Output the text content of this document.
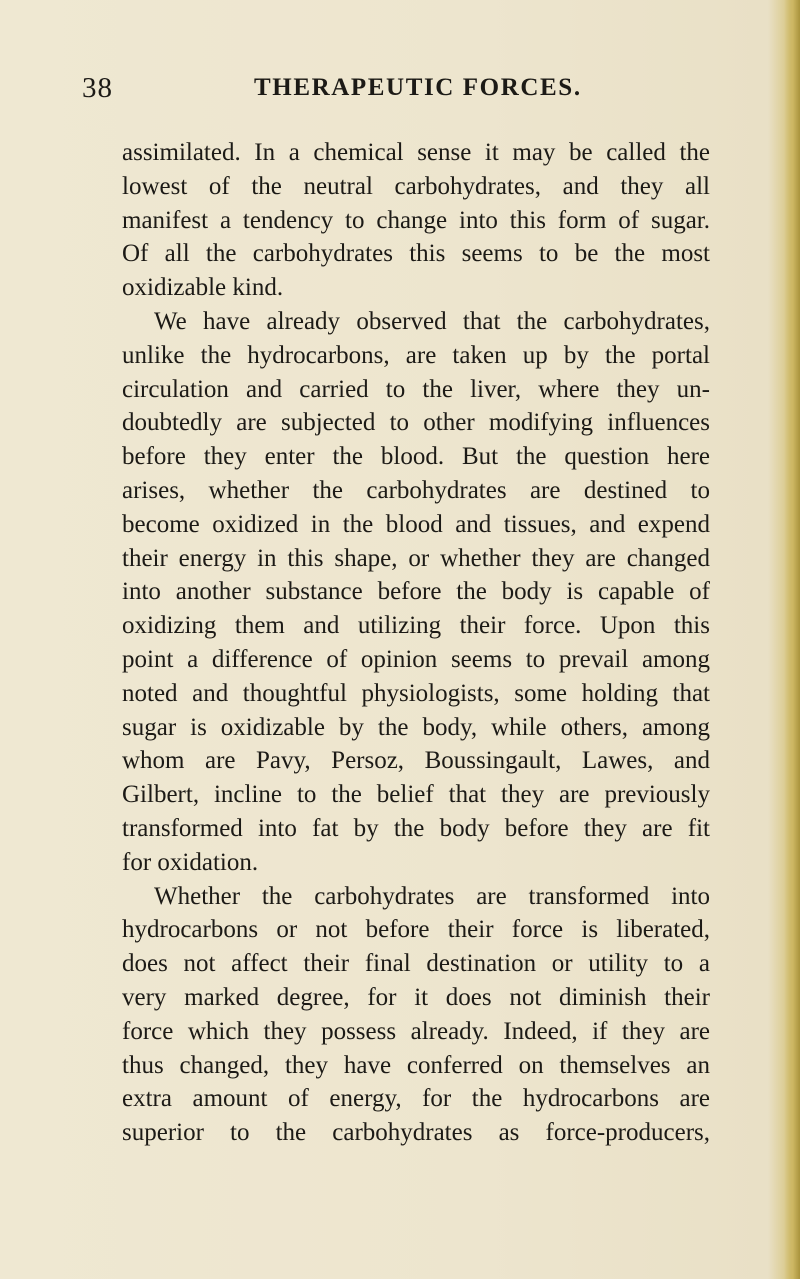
38	THERAPEUTIC FORCES.
assimilated. In a chemical sense it may be called the
lowest of the neutral carbohydrates, and they all
manifest a tendency to change into this form of sugar.
Of all the carbohydrates this seems to be the most
oxidizable kind.
We have already observed that the carbohydrates,
unlike the hydrocarbons, are taken up by the portal
circulation and carried to the liver, where they un-
doubtedly are subjected to other modifying influences
before they enter the blood. But the question here
arises, whether the carbohydrates are destined to
become oxidized in the blood and tissues, and expend
their energy in this shape, or whether they are changed
into another substance before the body is capable of
oxidizing them and utilizing their force. Upon this
point a difference of opinion seems to prevail among
noted and thoughtful physiologists, some holding that
sugar is oxidizable by the body, while others, among
whom are Pavy, Persoz, Boussingault, Lawes, and
Gilbert, incline to the belief that they are previously
transformed into fat by the body before they are fit
for oxidation.
Whether the carbohydrates are transformed into
hydrocarbons or not before their force is liberated,
does not affect their final destination or utility to a
very marked degree, for it does not diminish their
force which they possess already. Indeed, if they are
thus changed, they have conferred on themselves an
extra amount of energy, for the hydrocarbons are
superior to the carbohydrates as force-producers,
